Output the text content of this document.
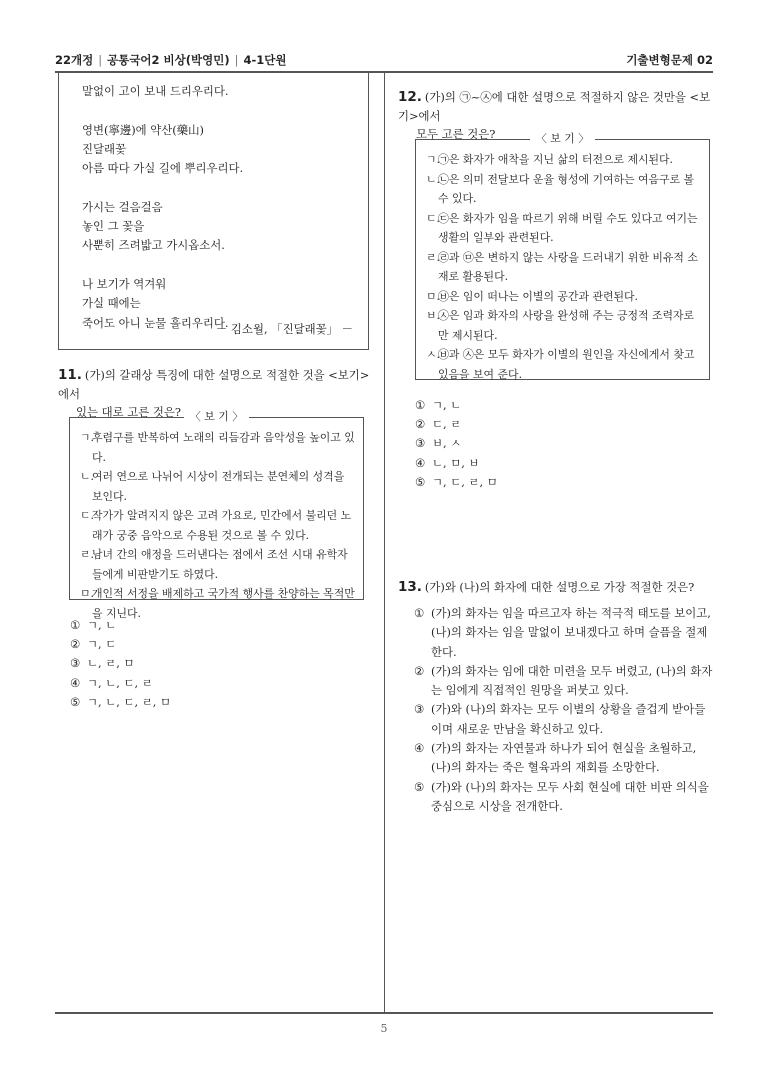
22개정 | 공통국어2 비상(박영민) | 4-1단원	기출변형문제 02
말없이 고이 보내 드리우리다.
영변(寧邊)에 약산(藥山)
진달래꽃
아름 따다 가실 길에 뿌리우리다.
가시는 걸음걸음
놓인 그 꽃을
사뿐히 즈려밟고 가시옵소서.
나 보기가 역겨워
가실 때에는
죽어도 아니 눈물 흘리우리다.
－ 김소월, 「진달래꽃」 －
11. (가)의 갈래상 특징에 대한 설명으로 적절한 것을 <보기>에서
있는 대로 고른 것은? 〈 보 기 〉
ㄱ.
후렴구를 반복하여 노래의 리듬감과 음악성을 높이고 있다.
ㄴ.
여러 연으로 나뉘어 시상이 전개되는 분연체의 성격을 보인다.
ㄷ.
작가가 알려지지 않은 고려 가요로, 민간에서 불리던 노래가 궁중 음악으로 수용된 것으로 볼 수 있다.
ㄹ.
남녀 간의 애정을 드러낸다는 점에서 조선 시대 유학자들에게 비판받기도 하였다.
ㅁ.
개인적 서정을 배제하고 국가적 행사를 찬양하는 목적만을 지닌다.
① ㄱ, ㄴ
② ㄱ, ㄷ
③ ㄴ, ㄹ, ㅁ
④ ㄱ, ㄴ, ㄷ, ㄹ
⑤ ㄱ, ㄴ, ㄷ, ㄹ, ㅁ
12. (가)의 ㉠~㉦에 대한 설명으로 적절하지 않은 것만을 <보기>에서
모두 고른 것은?	〈 보 기 〉
ㄱ.
㉠은 화자가 애착을 지닌 삶의 터전으로 제시된다.
ㄴ.
㉡은 의미 전달보다 운율 형성에 기여하는 여음구로 볼 수 있다.
ㄷ.
㉢은 화자가 임을 따르기 위해 버릴 수도 있다고 여기는 생활의 일부와 관련된다.
ㄹ.
㉣과 ㉤은 변하지 않는 사랑을 드러내기 위한 비유적 소재로 활용된다.
ㅁ.
㉥은 임이 떠나는 이별의 공간과 관련된다.
ㅂ.
㉦은 임과 화자의 사랑을 완성해 주는 긍정적 조력자로만 제시된다.
ㅅ.
㉥과 ㉦은 모두 화자가 이별의 원인을 자신에게서 찾고 있음을 보여 준다.
① ㄱ, ㄴ
② ㄷ, ㄹ
③ ㅂ, ㅅ
④ ㄴ, ㅁ, ㅂ
⑤ ㄱ, ㄷ, ㄹ, ㅁ
13. (가)와 (나)의 화자에 대한 설명으로 가장 적절한 것은?
① (가)의 화자는 임을 따르고자 하는 적극적 태도를 보이고, (나)의 화자는 임을 말없이 보내겠다고 하며 슬픔을 절제한다.
② (가)의 화자는 임에 대한 미련을 모두 버렸고, (나)의 화자는 임에게 직접적인 원망을 퍼붓고 있다.
③ (가)와 (나)의 화자는 모두 이별의 상황을 즐겁게 받아들이며 새로운 만남을 확신하고 있다.
④ (가)의 화자는 자연물과 하나가 되어 현실을 초월하고, (나)의 화자는 죽은 혈육과의 재회를 소망한다.
⑤ (가)와 (나)의 화자는 모두 사회 현실에 대한 비판 의식을 중심으로 시상을 전개한다.
5
